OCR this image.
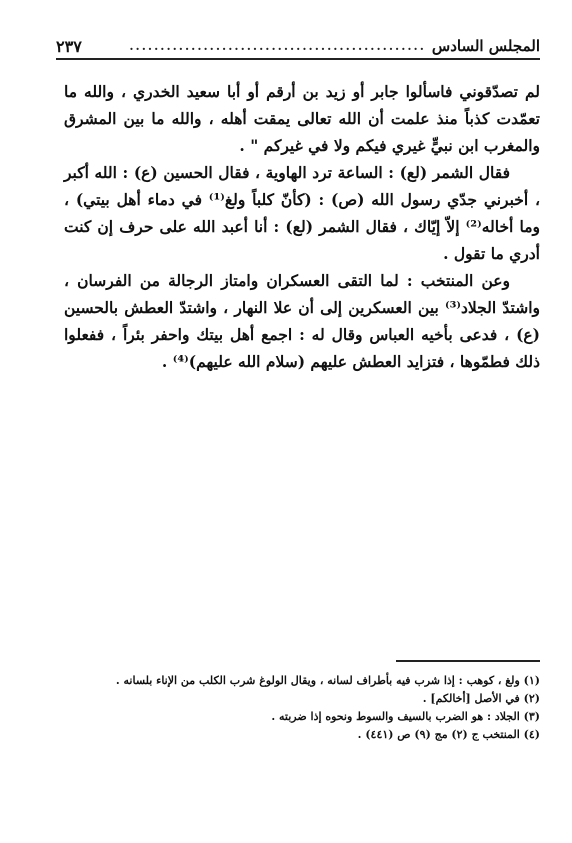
المجلس السادس
................................................
٢٣٧

لم تصدّقوني فاسألوا جابر أو زيد بن أرقم أو أبا سعيد الخدري ، والله ما تعمّدت كذباً منذ علمت أن الله تعالى يمقت أهله ، والله ما بين المشرق والمغرب ابن نبيٍّ غيري فيكم ولا في غيركم " .

فقال الشمر (لع) : الساعة ترد الهاوية ، فقال الحسين (ع) : الله أكبر ، أخبرني جدّي رسول الله (ص) : (كأنّ كلباً ولغ⁽¹⁾ في دماء أهل بيتي) ، وما أخاله⁽²⁾ إلاّ إيّاك ، فقال الشمر (لع) : أنا أعبد الله على حرف إن كنت أدري ما تقول .

وعن المنتخب : لما التقى العسكران وامتاز الرجالة من الفرسان ، واشتدّ الجلاد⁽³⁾ بين العسكرين إلى أن علا النهار ، واشتدّ العطش بالحسين (ع) ، فدعى بأخيه العباس وقال له : اجمع أهل بيتك واحفر بئراً ، ففعلوا ذلك فطمّوها ، فتزايد العطش عليهم (سلام الله عليهم)⁽⁴⁾ .

(١) ولغ ، كوهب : إذا شرب فيه بأطراف لسانه ، ويقال الولوغ شرب الكلب من الإناء بلسانه .
(٢) في الأصل [أخالكم] .
(٣) الجلاد : هو الضرب بالسيف والسوط ونحوه إذا ضربته .
(٤) المنتخب ج (٢) مج (٩) ص (٤٤١) .
